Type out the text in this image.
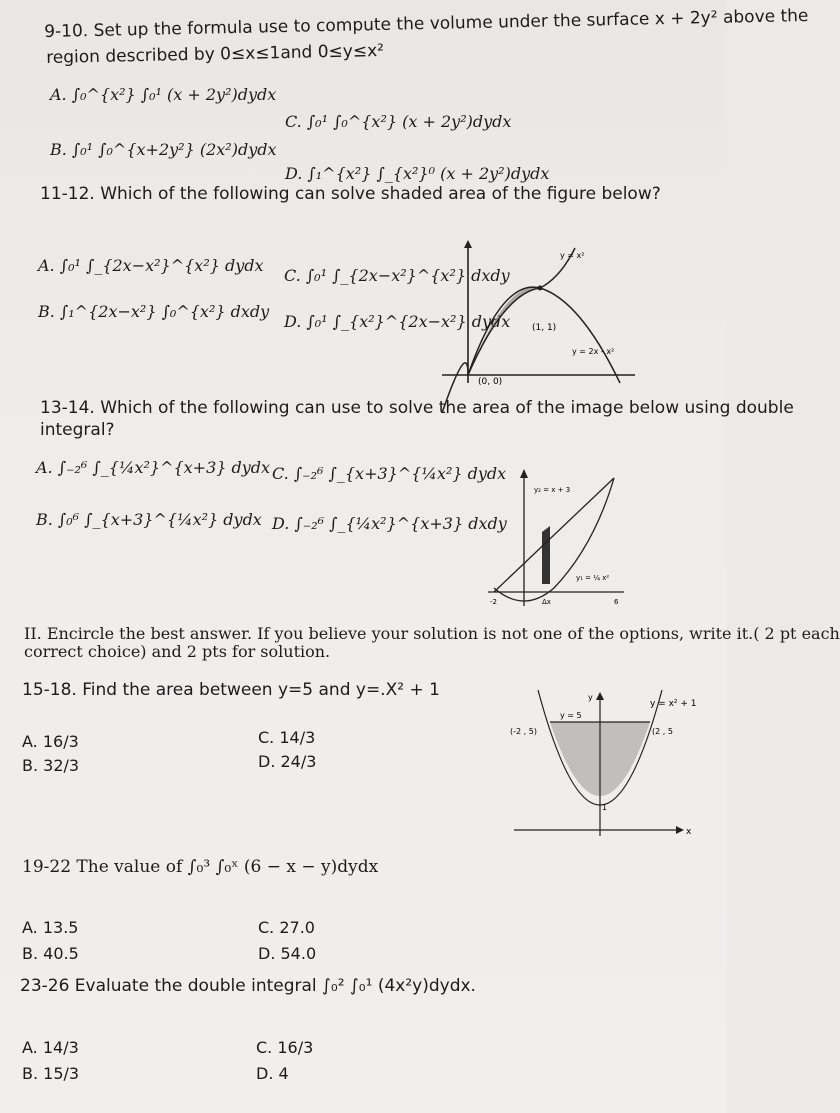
9-10. Set up the formula use to compute the volume under the surface x + 2y² above the
region described by 0≤x≤1and 0≤y≤x²
A. ∫₀^{x²} ∫₀¹ (x + 2y²)dydx
C. ∫₀¹ ∫₀^{x²} (x + 2y²)dydx
B. ∫₀¹ ∫₀^{x+2y²} (2x²)dydx
D. ∫₁^{x²} ∫_{x²}⁰ (x + 2y²)dydx
11-12. Which of the following can solve shaded area of the figure below?
A. ∫₀¹ ∫_{2x−x²}^{x²} dydx
C. ∫₀¹ ∫_{2x−x²}^{x²} dxdy
B. ∫₁^{2x−x²} ∫₀^{x²} dxdy
D. ∫₀¹ ∫_{x²}^{2x−x²} dydx
y = x²
y = 2x - x²
(1, 1)
(0, 0)
13-14. Which of the following can use to solve the area of the image below using double
integral?
A. ∫₋₂⁶ ∫_{¼x²}^{x+3} dydx C. ∫₋₂⁶ ∫_{x+3}^{¼x²} dydx
B. ∫₀⁶ ∫_{x+3}^{¼x²} dydx D. ∫₋₂⁶ ∫_{¼x²}^{x+3} dxdy
y₂ = x + 3
y₁ = ¼ x²
-2	Δx	6
II. Encircle the best answer. If you believe your solution is not one of the options, write it.( 2 pt each
correct choice) and 2 pts for solution.
15-18. Find the area between y=5 and y=.X² + 1
A. 16/3
B. 32/3
C. 14/3
D. 24/3
y
x
y = 5
y = x² + 1
(-2 , 5)	(2 , 5
1
19-22 The value of ∫₀³ ∫₀ˣ (6 − x − y)dydx
A. 13.5
B. 40.5
C. 27.0
D. 54.0
23-26 Evaluate the double integral ∫₀² ∫₀¹ (4x²y)dydx.
A. 14/3
B. 15/3
C. 16/3
D. 4
